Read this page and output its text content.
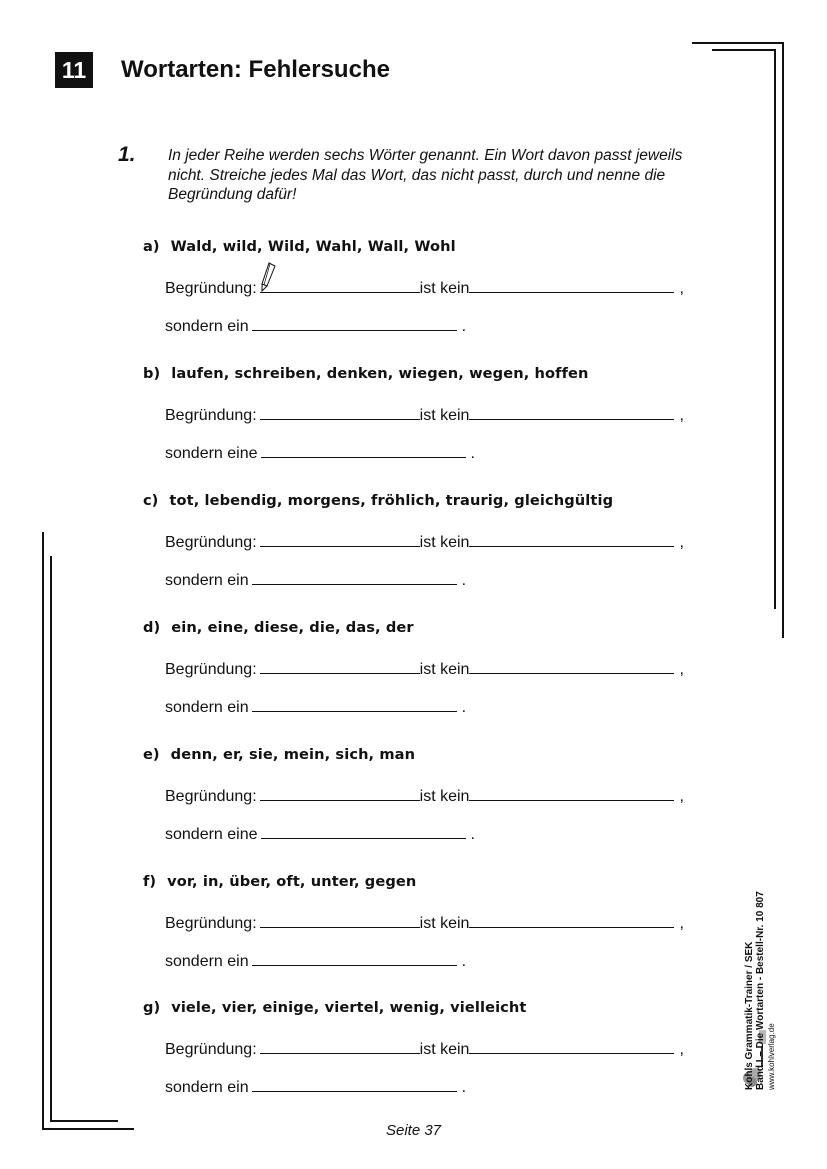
11 Wortarten: Fehlersuche
1. In jeder Reihe werden sechs Wörter genannt. Ein Wort davon passt jeweils nicht. Streiche jedes Mal das Wort, das nicht passt, durch und nenne die Begründung dafür!
a) Wald, wild, Wild, Wahl, Wall, Wohl
Begründung:	ist kein	,
sondern ein	.
b) laufen, schreiben, denken, wiegen, wegen, hoffen
Begründung:	ist kein	,
sondern eine	.
c) tot, lebendig, morgens, fröhlich, traurig, gleichgültig
Begründung:	ist kein	,
sondern ein	.
d) ein, eine, diese, die, das, der
Begründung:	ist kein	,
sondern ein	.
e) denn, er, sie, mein, sich, man
Begründung:	ist kein	,
sondern eine	.
f) vor, in, über, oft, unter, gegen
Begründung:	ist kein	,
sondern ein	.
g) viele, vier, einige, viertel, wenig, vielleicht
Begründung:	ist kein	,
sondern ein	.	Kohls Grammatik-Trainer / SEK Band I – Die Wortarten - Bestell-Nr. 10 807 www.kohlverlag.de
Seite 37
